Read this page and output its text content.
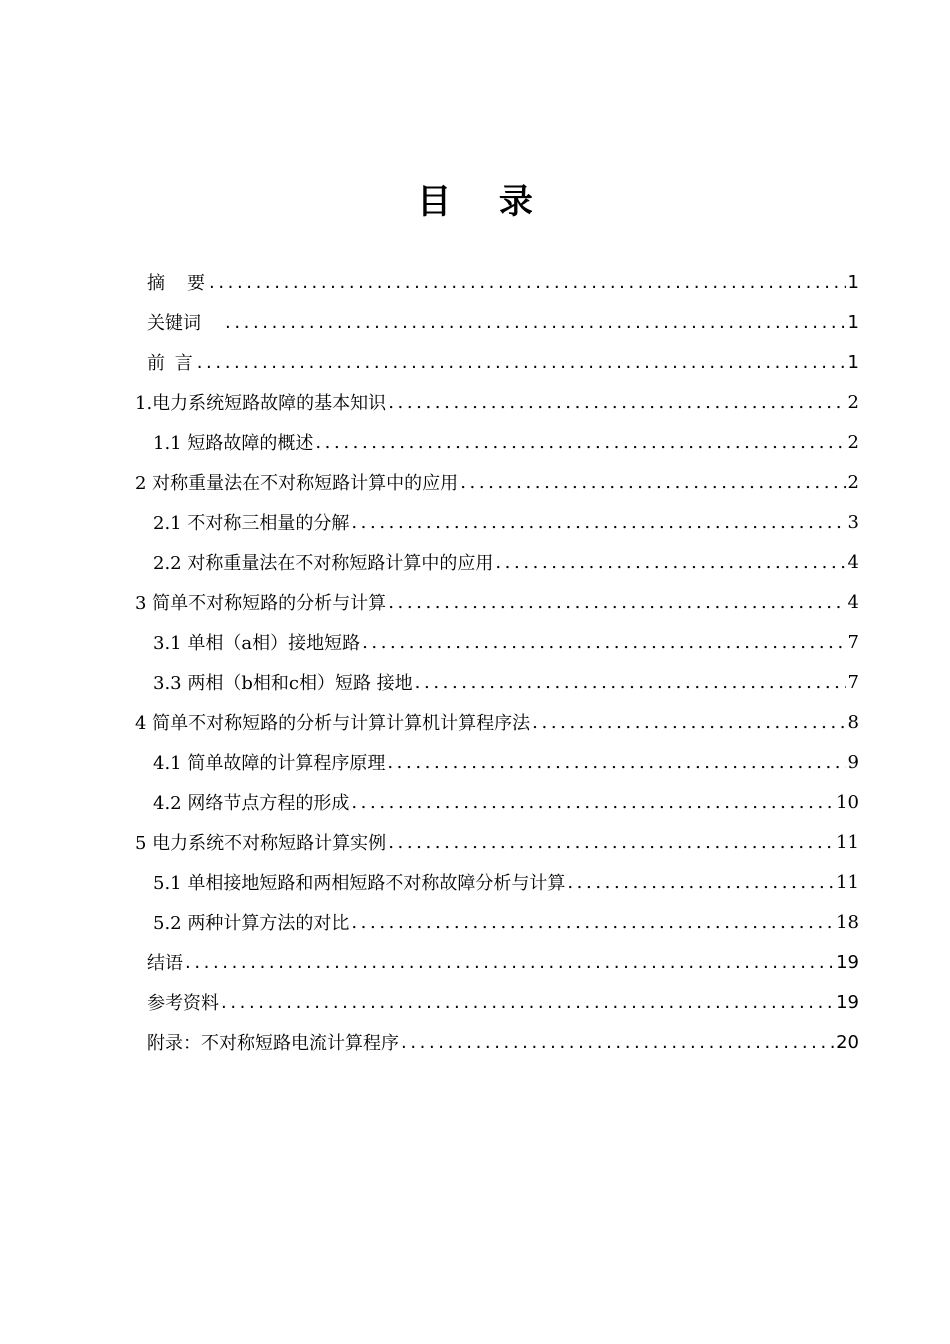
目 录
摘　要 .....	1
关键词　 .....	1
前 言 .....	1
1.电力系统短路故障的基本知识 .....	2
1.1 短路故障的概述 .....	2
2 对称重量法在不对称短路计算中的应用 .....	2
2.1 不对称三相量的分解 .....	3
2.2 对称重量法在不对称短路计算中的应用 .....	4
3 简单不对称短路的分析与计算 .....	4
3.1 单相（a相）接地短路 .....	7
3.3 两相（b相和c相）短路 接地 .....	7
4 简单不对称短路的分析与计算计算机计算程序法 .....	8
4.1 简单故障的计算程序原理 .....	9
4.2 网络节点方程的形成 .....	10
5 电力系统不对称短路计算实例 .....	11
5.1 单相接地短路和两相短路不对称故障分析与计算 .....	11
5.2 两种计算方法的对比 .....	18
结语 .....	19
参考资料 .....	19
附录：不对称短路电流计算程序 .....	20
